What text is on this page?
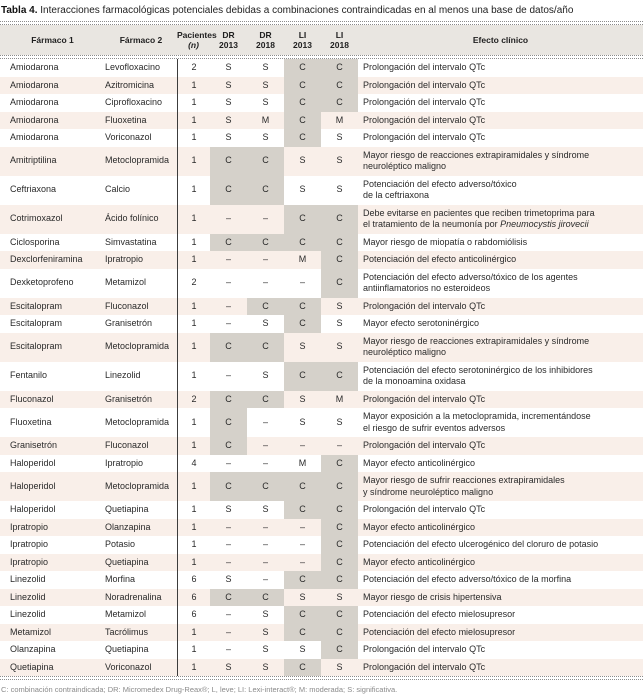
Tabla 4. Interacciones farmacológicas potenciales debidas a combinaciones contraindicadas en al menos una base de datos/año
Fármaco 1	Fármaco 2	Pacientes
(n)
DR
2013
DR
2018
LI
2013
LI
2018	Efecto clínico
Amiodarona	Levofloxacino	2	S	S	C	C	Prolongación del intervalo QTc
Amiodarona	Azitromicina	1	S	S	C	C	Prolongación del intervalo QTc
Amiodarona	Ciprofloxacino	1	S	S	C	C	Prolongación del intervalo QTc
Amiodarona	Fluoxetina	1	S	M	C	M	Prolongación del intervalo QTc
Amiodarona	Voriconazol	1	S	S	C	S	Prolongación del intervalo QTc
Amitriptilina	Metoclopramida	1	C	C	S	S
Mayor riesgo de reacciones extrapiramidales y síndrome
neuroléptico maligno
Ceftriaxona	Calcio	1	C	C	S	S
Potenciación del efecto adverso/tóxico
de la ceftriaxona
Cotrimoxazol	Ácido folínico	1	–	–	C	C
Debe evitarse en pacientes que reciben trimetoprima para
el tratamiento de la neumonía por Pneumocystis jirovecii
Ciclosporina	Simvastatina	1	C	C	C	C	Mayor riesgo de miopatía o rabdomiólisis
Dexclorfeniramina	Ipratropio	1	–	–	M	C	Potenciación del efecto anticolinérgico
Dexketoprofeno	Metamizol	2	–	–	–	C
Potenciación del efecto adverso/tóxico de los agentes
antiinflamatorios no esteroideos
Escitalopram	Fluconazol	1	–	C	C	S	Prolongación del intervalo QTc
Escitalopram	Granisetrón	1	–	S	C	S	Mayor efecto serotoninérgico
Escitalopram	Metoclopramida	1	C	C	S	S
Mayor riesgo de reacciones extrapiramidales y síndrome
neuroléptico maligno
Fentanilo	Linezolid	1	–	S	C	C
Potenciación del efecto serotoninérgico de los inhibidores
de la monoamina oxidasa
Fluconazol	Granisetrón	2	C	C	S	M	Prolongación del intervalo QTc
Fluoxetina	Metoclopramida	1	C	–	S	S
Mayor exposición a la metoclopramida, incrementándose
el riesgo de sufrir eventos adversos
Granisetrón	Fluconazol	1	C	–	–	–	Prolongación del intervalo QTc
Haloperidol	Ipratropio	4	–	–	M	C	Mayor efecto anticolinérgico
Haloperidol	Metoclopramida	1	C	C	C	C
Mayor riesgo de sufrir reacciones extrapiramidales
y síndrome neuroléptico maligno
Haloperidol	Quetiapina	1	S	S	C	C	Prolongación del intervalo QTc
Ipratropio	Olanzapina	1	–	–	–	C	Mayor efecto anticolinérgico
Ipratropio	Potasio	1	–	–	–	C	Potenciación del efecto ulcerogénico del cloruro de potasio
Ipratropio	Quetiapina	1	–	–	–	C	Mayor efecto anticolinérgico
Linezolid	Morfina	6	S	–	C	C	Potenciación del efecto adverso/tóxico de la morfina
Linezolid	Noradrenalina	6	C	C	S	S	Mayor riesgo de crisis hipertensiva
Linezolid	Metamizol	6	–	S	C	C	Potenciación del efecto mielosupresor
Metamizol	Tacrólimus	1	–	S	C	C	Potenciación del efecto mielosupresor
Olanzapina	Quetiapina	1	–	S	S	C	Prolongación del intervalo QTc
Quetiapina	Voriconazol	1	S	S	C	S	Prolongación del intervalo QTc
C: combinación contraindicada; DR: Micromedex Drug-Reax®; L, leve; LI: Lexi-interact®; M: moderada; S: significativa.
